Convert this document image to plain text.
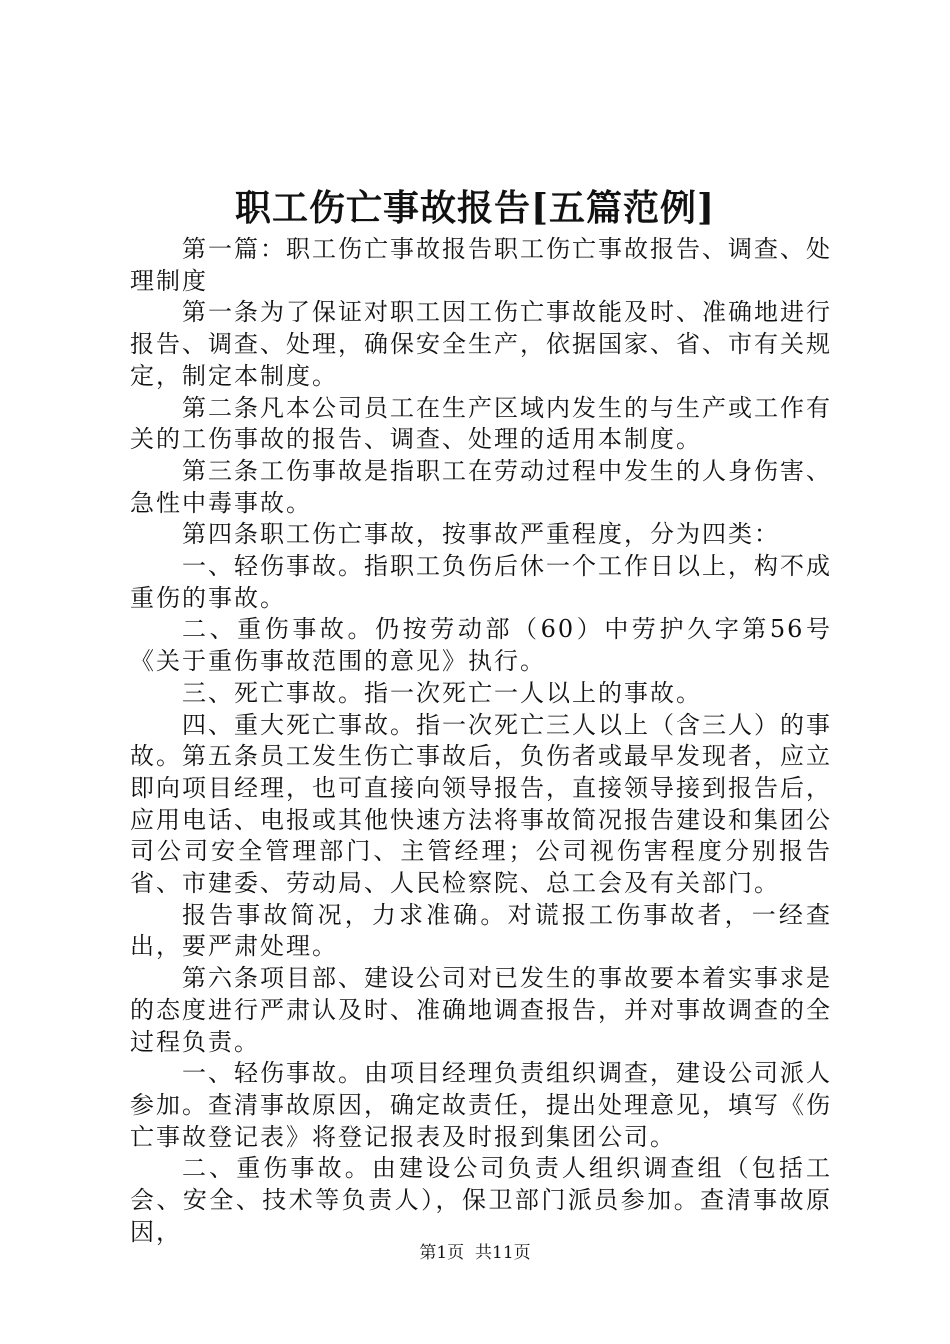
职工伤亡事故报告[五篇范例]

第一篇：职工伤亡事故报告职工伤亡事故报告、调查、处理制度

第一条为了保证对职工因工伤亡事故能及时、准确地进行报告、调查、处理，确保安全生产，依据国家、省、市有关规定，制定本制度。

第二条凡本公司员工在生产区域内发生的与生产或工作有关的工伤事故的报告、调查、处理的适用本制度。

第三条工伤事故是指职工在劳动过程中发生的人身伤害、急性中毒事故。

第四条职工伤亡事故，按事故严重程度，分为四类：

一、轻伤事故。指职工负伤后休一个工作日以上，构不成重伤的事故。

二、重伤事故。仍按劳动部（60）中劳护久字第56号《关于重伤事故范围的意见》执行。

三、死亡事故。指一次死亡一人以上的事故。

四、重大死亡事故。指一次死亡三人以上（含三人）的事故。第五条员工发生伤亡事故后，负伤者或最早发现者，应立即向项目经理，也可直接向领导报告，直接领导接到报告后，应用电话、电报或其他快速方法将事故简况报告建设和集团公司公司安全管理部门、主管经理；公司视伤害程度分别报告省、市建委、劳动局、人民检察院、总工会及有关部门。

报告事故简况，力求准确。对谎报工伤事故者，一经查出，要严肃处理。

第六条项目部、建设公司对已发生的事故要本着实事求是的态度进行严肃认及时、准确地调查报告，并对事故调查的全过程负责。

一、轻伤事故。由项目经理负责组织调查，建设公司派人参加。查清事故原因，确定故责任，提出处理意见，填写《伤亡事故登记表》将登记报表及时报到集团公司。

二、重伤事故。由建设公司负责人组织调查组（包括工会、安全、技术等负责人），保卫部门派员参加。查清事故原因，

第1页 共11页
